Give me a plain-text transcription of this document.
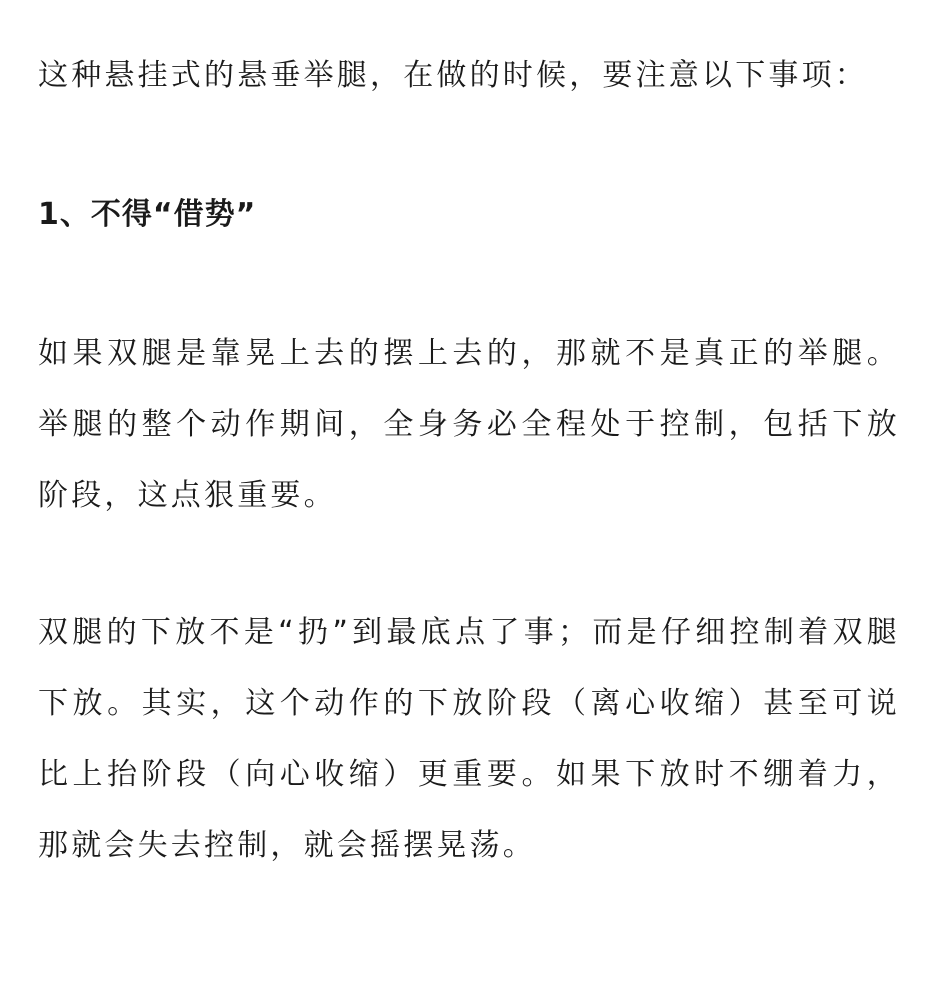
这种悬挂式的悬垂举腿，在做的时候，要注意以下事项：

1、不得“借势”

如果双腿是靠晃上去的摆上去的，那就不是真正的举腿。举腿的整个动作期间，全身务必全程处于控制，包括下放阶段，这点狠重要。

双腿的下放不是“扔”到最底点了事；而是仔细控制着双腿下放。其实，这个动作的下放阶段（离心收缩）甚至可说比上抬阶段（向心收缩）更重要。如果下放时不绷着力，那就会失去控制，就会摇摆晃荡。
